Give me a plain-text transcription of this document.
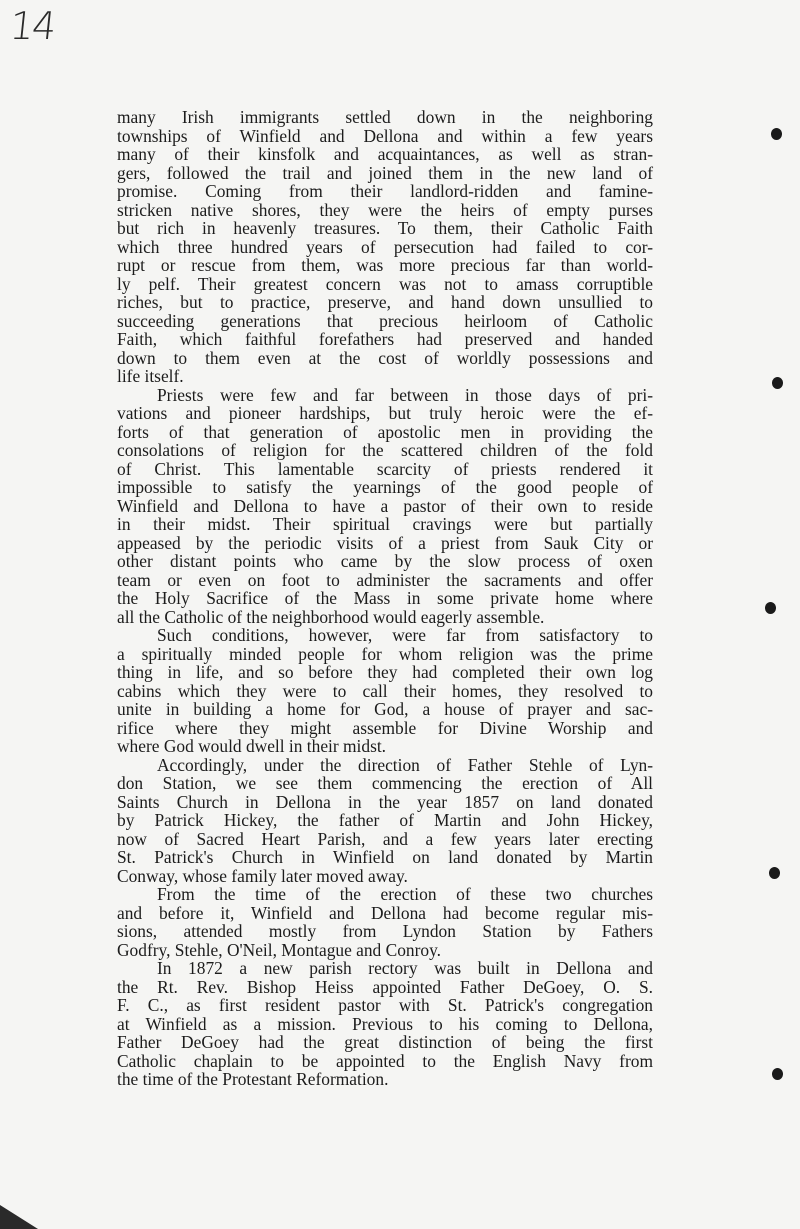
14
many Irish immigrants settled down in the neighboring
townships of Winfield and Dellona and within a few years
many of their kinsfolk and acquaintances, as well as stran-
gers, followed the trail and joined them in the new land of
promise. Coming from their landlord-ridden and famine-
stricken native shores, they were the heirs of empty purses
but rich in heavenly treasures. To them, their Catholic Faith
which three hundred years of persecution had failed to cor-
rupt or rescue from them, was more precious far than world-
ly pelf. Their greatest concern was not to amass corruptible
riches, but to practice, preserve, and hand down unsullied to
succeeding generations that precious heirloom of Catholic
Faith, which faithful forefathers had preserved and handed
down to them even at the cost of worldly possessions and
life itself.
Priests were few and far between in those days of pri-
vations and pioneer hardships, but truly heroic were the ef-
forts of that generation of apostolic men in providing the
consolations of religion for the scattered children of the fold
of Christ. This lamentable scarcity of priests rendered it
impossible to satisfy the yearnings of the good people of
Winfield and Dellona to have a pastor of their own to reside
in their midst. Their spiritual cravings were but partially
appeased by the periodic visits of a priest from Sauk City or
other distant points who came by the slow process of oxen
team or even on foot to administer the sacraments and offer
the Holy Sacrifice of the Mass in some private home where
all the Catholic of the neighborhood would eagerly assemble.
Such conditions, however, were far from satisfactory to
a spiritually minded people for whom religion was the prime
thing in life, and so before they had completed their own log
cabins which they were to call their homes, they resolved to
unite in building a home for God, a house of prayer and sac-
rifice where they might assemble for Divine Worship and
where God would dwell in their midst.
Accordingly, under the direction of Father Stehle of Lyn-
don Station, we see them commencing the erection of All
Saints Church in Dellona in the year 1857 on land donated
by Patrick Hickey, the father of Martin and John Hickey,
now of Sacred Heart Parish, and a few years later erecting
St. Patrick's Church in Winfield on land donated by Martin
Conway, whose family later moved away.
From the time of the erection of these two churches
and before it, Winfield and Dellona had become regular mis-
sions, attended mostly from Lyndon Station by Fathers
Godfry, Stehle, O'Neil, Montague and Conroy.
In 1872 a new parish rectory was built in Dellona and
the Rt. Rev. Bishop Heiss appointed Father DeGoey, O. S.
F. C., as first resident pastor with St. Patrick's congregation
at Winfield as a mission. Previous to his coming to Dellona,
Father DeGoey had the great distinction of being the first
Catholic chaplain to be appointed to the English Navy from
the time of the Protestant Reformation.
